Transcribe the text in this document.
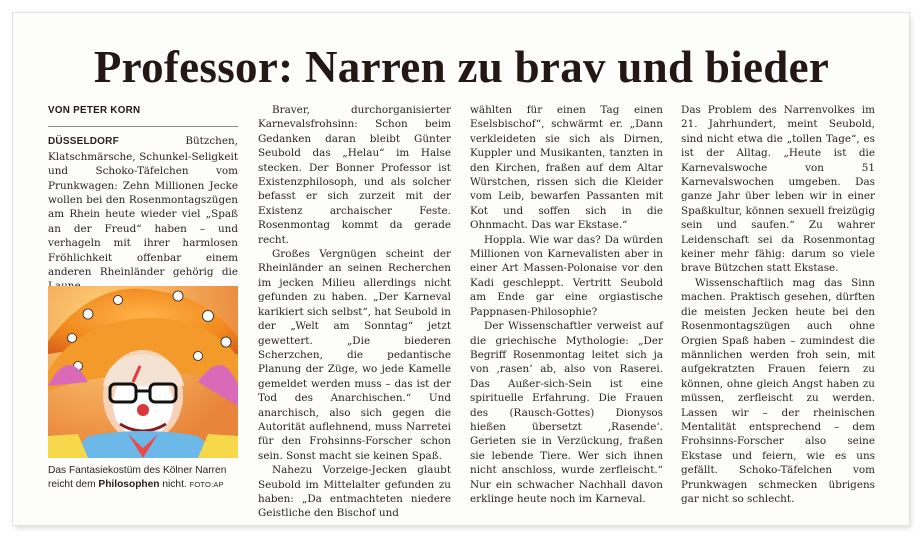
Professor: Narren zu brav und bieder
VON PETER KORN

DÜSSELDORF	Bützchen, Klatschmärsche, Schunkel-Seligkeit und Schoko-Täfelchen vom Prunkwagen: Zehn Millionen Jecke wollen bei den Rosenmontagszügen am Rhein heute wieder viel „Spaß an der Freud“ haben – und verhageln mit ihrer harmlosen Fröhlichkeit offenbar einem anderen Rheinländer gehörig die

Das Fantasiekostüm des Kölner Narren reicht dem Philosophen nicht. FOTO:AP

Braver, durchorganisierter Karnevalsfrohsinn: Schon beim Gedanken daran bleibt Günter Seubold das „Helau“ im Halse stecken. Der Bonner Professor ist Existenzphilosoph, und als solcher befasst er sich zurzeit mit der Existenz archaischer Feste. Rosenmontag kommt da gerade recht.

Großes Vergnügen scheint der Rheinländer an seinen Recherchen im jecken Milieu allerdings nicht gefunden zu haben. „Der Karneval karikiert sich selbst“, hat Seubold in der „Welt am Sonntag“ jetzt gewettert. „Die biederen Scherzchen, die pedantische Planung der Züge, wo jede Kamelle gemeldet werden muss – das ist der Tod des Anarchischen.“ Und anarchisch, also sich gegen die Autorität auflehnend, muss Narretei für den Frohsinns-Forscher schon sein. Sonst macht sie keinen Spaß.

Nahezu Vorzeige-Jecken glaubt Seubold im Mittelalter gefunden zu haben: „Da entmachteten niedere Geistliche den Bischof und

wählten für einen Tag einen Eselsbischof“, schwärmt er. „Dann verkleideten sie sich als Dirnen, Kuppler und Musikanten, tanzten in den Kirchen, fraßen auf dem Altar Würstchen, rissen sich die Kleider vom Leib, bewarfen Passanten mit Kot und soffen sich in die Ohnmacht. Das war Ekstase.“

Hoppla. Wie war das? Da würden Millionen von Karnevalisten aber in einer Art Massen-Polonaise vor den Kadi geschleppt. Vertritt Seubold am Ende gar eine orgiastische Pappnasen-Philosophie?

Der Wissenschaftler verweist auf die griechische Mythologie: „Der Begriff Rosenmontag leitet sich ja von ‚rasen‘ ab, also von Raserei. Das Außer-sich-Sein ist eine spirituelle Erfahrung. Die Frauen des (Rausch-Gottes) Dionysos hießen übersetzt ‚Rasende‘. Gerieten sie in Verzückung, fraßen sie lebende Tiere. Wer sich ihnen nicht anschloss, wurde zerfleischt.“ Nur ein schwacher Nachhall davon erklinge heute noch im Karneval.

Das Problem des Narrenvolkes im 21. Jahrhundert, meint Seubold, sind nicht etwa die „tollen Tage“, es ist der Alltag. „Heute ist die Karnevalswoche von 51 Karnevalswochen umgeben. Das ganze Jahr über leben wir in einer Spaßkultur, können sexuell freizügig sein und saufen.“ Zu wahrer Leidenschaft sei da Rosenmontag keiner mehr fähig: darum so viele brave Bützchen statt Ekstase.

Wissenschaftlich mag das Sinn machen. Praktisch gesehen, dürften die meisten Jecken heute bei den Rosenmontagszügen auch ohne Orgien Spaß haben – zumindest die männlichen werden froh sein, mit aufgekratzten Frauen feiern zu können, ohne gleich Angst haben zu müssen, zerfleischt zu werden. Lassen wir – der rheinischen Mentalität entsprechend – dem Frohsinns-Forscher also seine Ekstase und feiern, wie es uns gefällt. Schoko-Täfelchen vom Prunkwagen schmecken übrigens gar nicht so schlecht.
